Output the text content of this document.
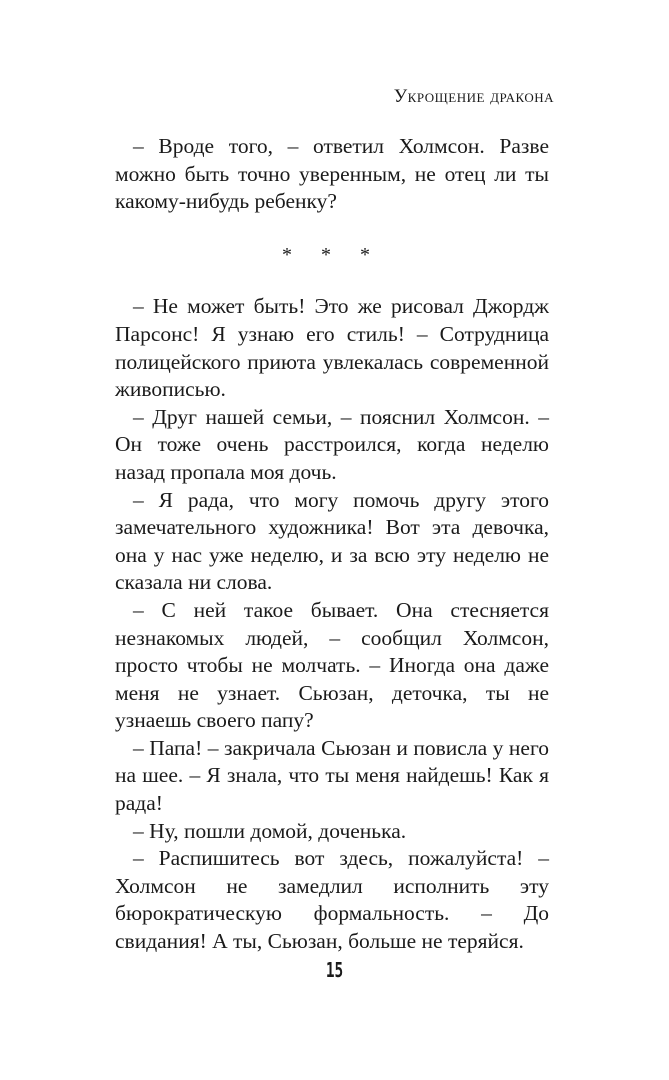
Укрощение дракона

– Вроде того, – ответил Холмсон. Разве можно быть точно уверенным, не отец ли ты какому-нибудь ребенку?

* * *

– Не может быть! Это же рисовал Джордж Парсонс! Я узнаю его стиль! – Сотрудница полицейского приюта увлекалась современной живописью.

– Друг нашей семьи, – пояснил Холмсон. – Он тоже очень расстроился, когда неделю назад пропала моя дочь.

– Я рада, что могу помочь другу этого замечательного художника! Вот эта девочка, она у нас уже неделю, и за всю эту неделю не сказала ни слова.

– С ней такое бывает. Она стесняется незнакомых людей, – сообщил Холмсон, просто чтобы не молчать. – Иногда она даже меня не узнает. Сьюзан, деточка, ты не узнаешь своего папу?

– Папа! – закричала Сьюзан и повисла у него на шее. – Я знала, что ты меня найдешь! Как я рада!

– Ну, пошли домой, доченька.

– Распишитесь вот здесь, пожалуйста! – Холмсон не замедлил исполнить эту бюрократическую формальность. – До свидания! А ты, Сьюзан, больше не теряйся.

15
